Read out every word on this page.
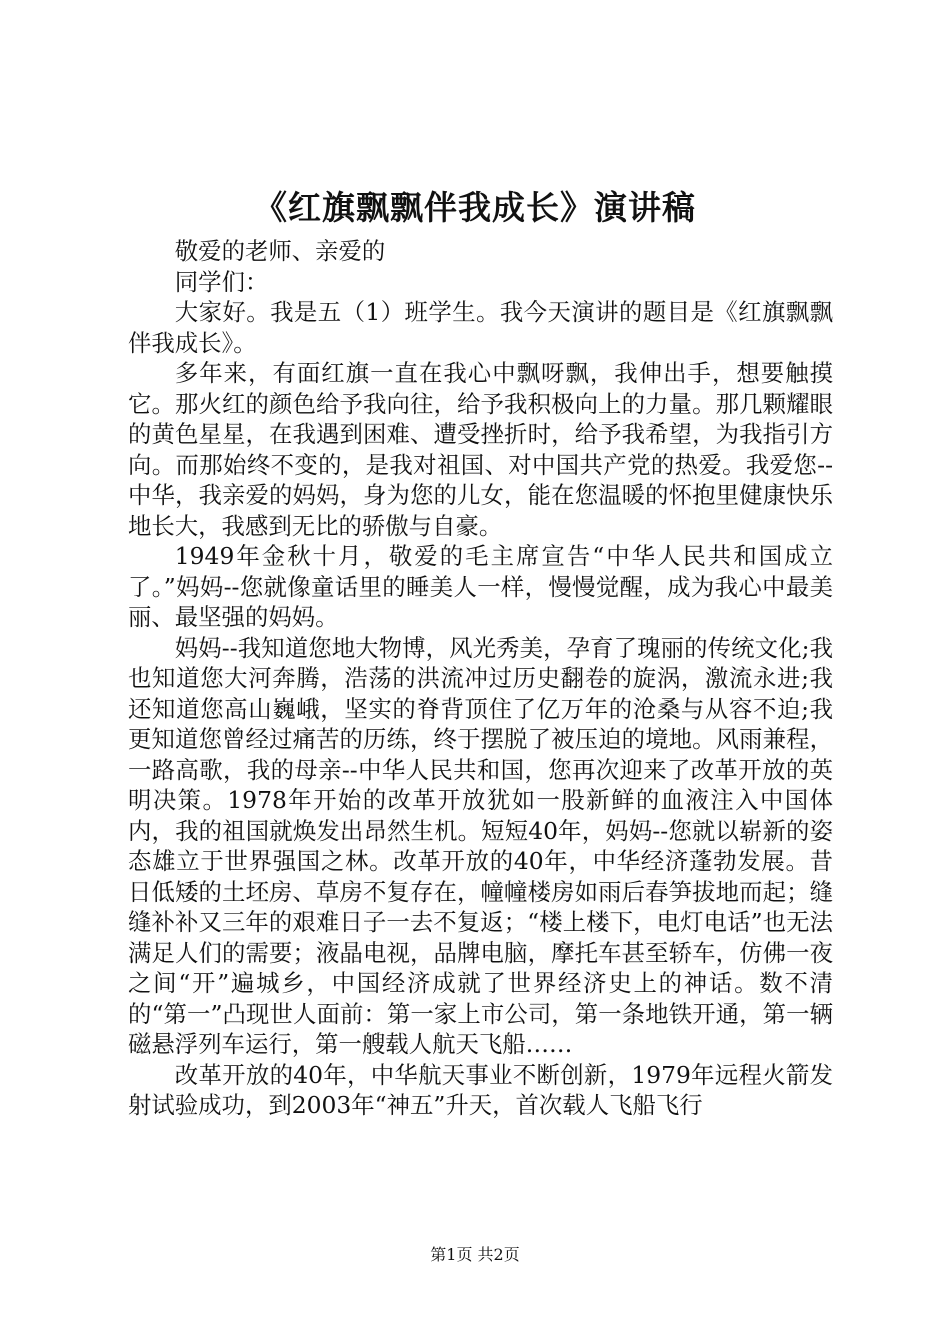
《红旗飘飘伴我成长》演讲稿

敬爱的老师、亲爱的

同学们：

大家好。我是五（1）班学生。我今天演讲的题目是《红旗飘飘伴我成长》。

多年来，有面红旗一直在我心中飘呀飘，我伸出手，想要触摸它。那火红的颜色给予我向往，给予我积极向上的力量。那几颗耀眼的黄色星星，在我遇到困难、遭受挫折时，给予我希望，为我指引方向。而那始终不变的，是我对祖国、对中国共产党的热爱。我爱您--中华，我亲爱的妈妈，身为您的儿女，能在您温暖的怀抱里健康快乐地长大，我感到无比的骄傲与自豪。

1949年金秋十月，敬爱的毛主席宣告“中华人民共和国成立了。”妈妈--您就像童话里的睡美人一样，慢慢觉醒，成为我心中最美丽、最坚强的妈妈。

妈妈--我知道您地大物博，风光秀美，孕育了瑰丽的传统文化;我也知道您大河奔腾，浩荡的洪流冲过历史翻卷的旋涡，激流永进;我还知道您高山巍峨，坚实的脊背顶住了亿万年的沧桑与从容不迫;我更知道您曾经过痛苦的历练，终于摆脱了被压迫的境地。风雨兼程，一路高歌，我的母亲--中华人民共和国，您再次迎来了改革开放的英明决策。1978年开始的改革开放犹如一股新鲜的血液注入中国体内，我的祖国就焕发出昂然生机。短短40年，妈妈--您就以崭新的姿态雄立于世界强国之林。改革开放的40年，中华经济蓬勃发展。昔日低矮的土坯房、草房不复存在，幢幢楼房如雨后春笋拔地而起；缝缝补补又三年的艰难日子一去不复返；“楼上楼下，电灯电话”也无法满足人们的需要；液晶电视，品牌电脑，摩托车甚至轿车，仿佛一夜之间“开”遍城乡，中国经济成就了世界经济史上的神话。数不清的“第一”凸现世人面前：第一家上市公司，第一条地铁开通，第一辆磁悬浮列车运行，第一艘载人航天飞船……

改革开放的40年，中华航天事业不断创新，1979年远程火箭发射试验成功，到2003年“神五”升天，首次载人飞船飞行

第1页 共2页
